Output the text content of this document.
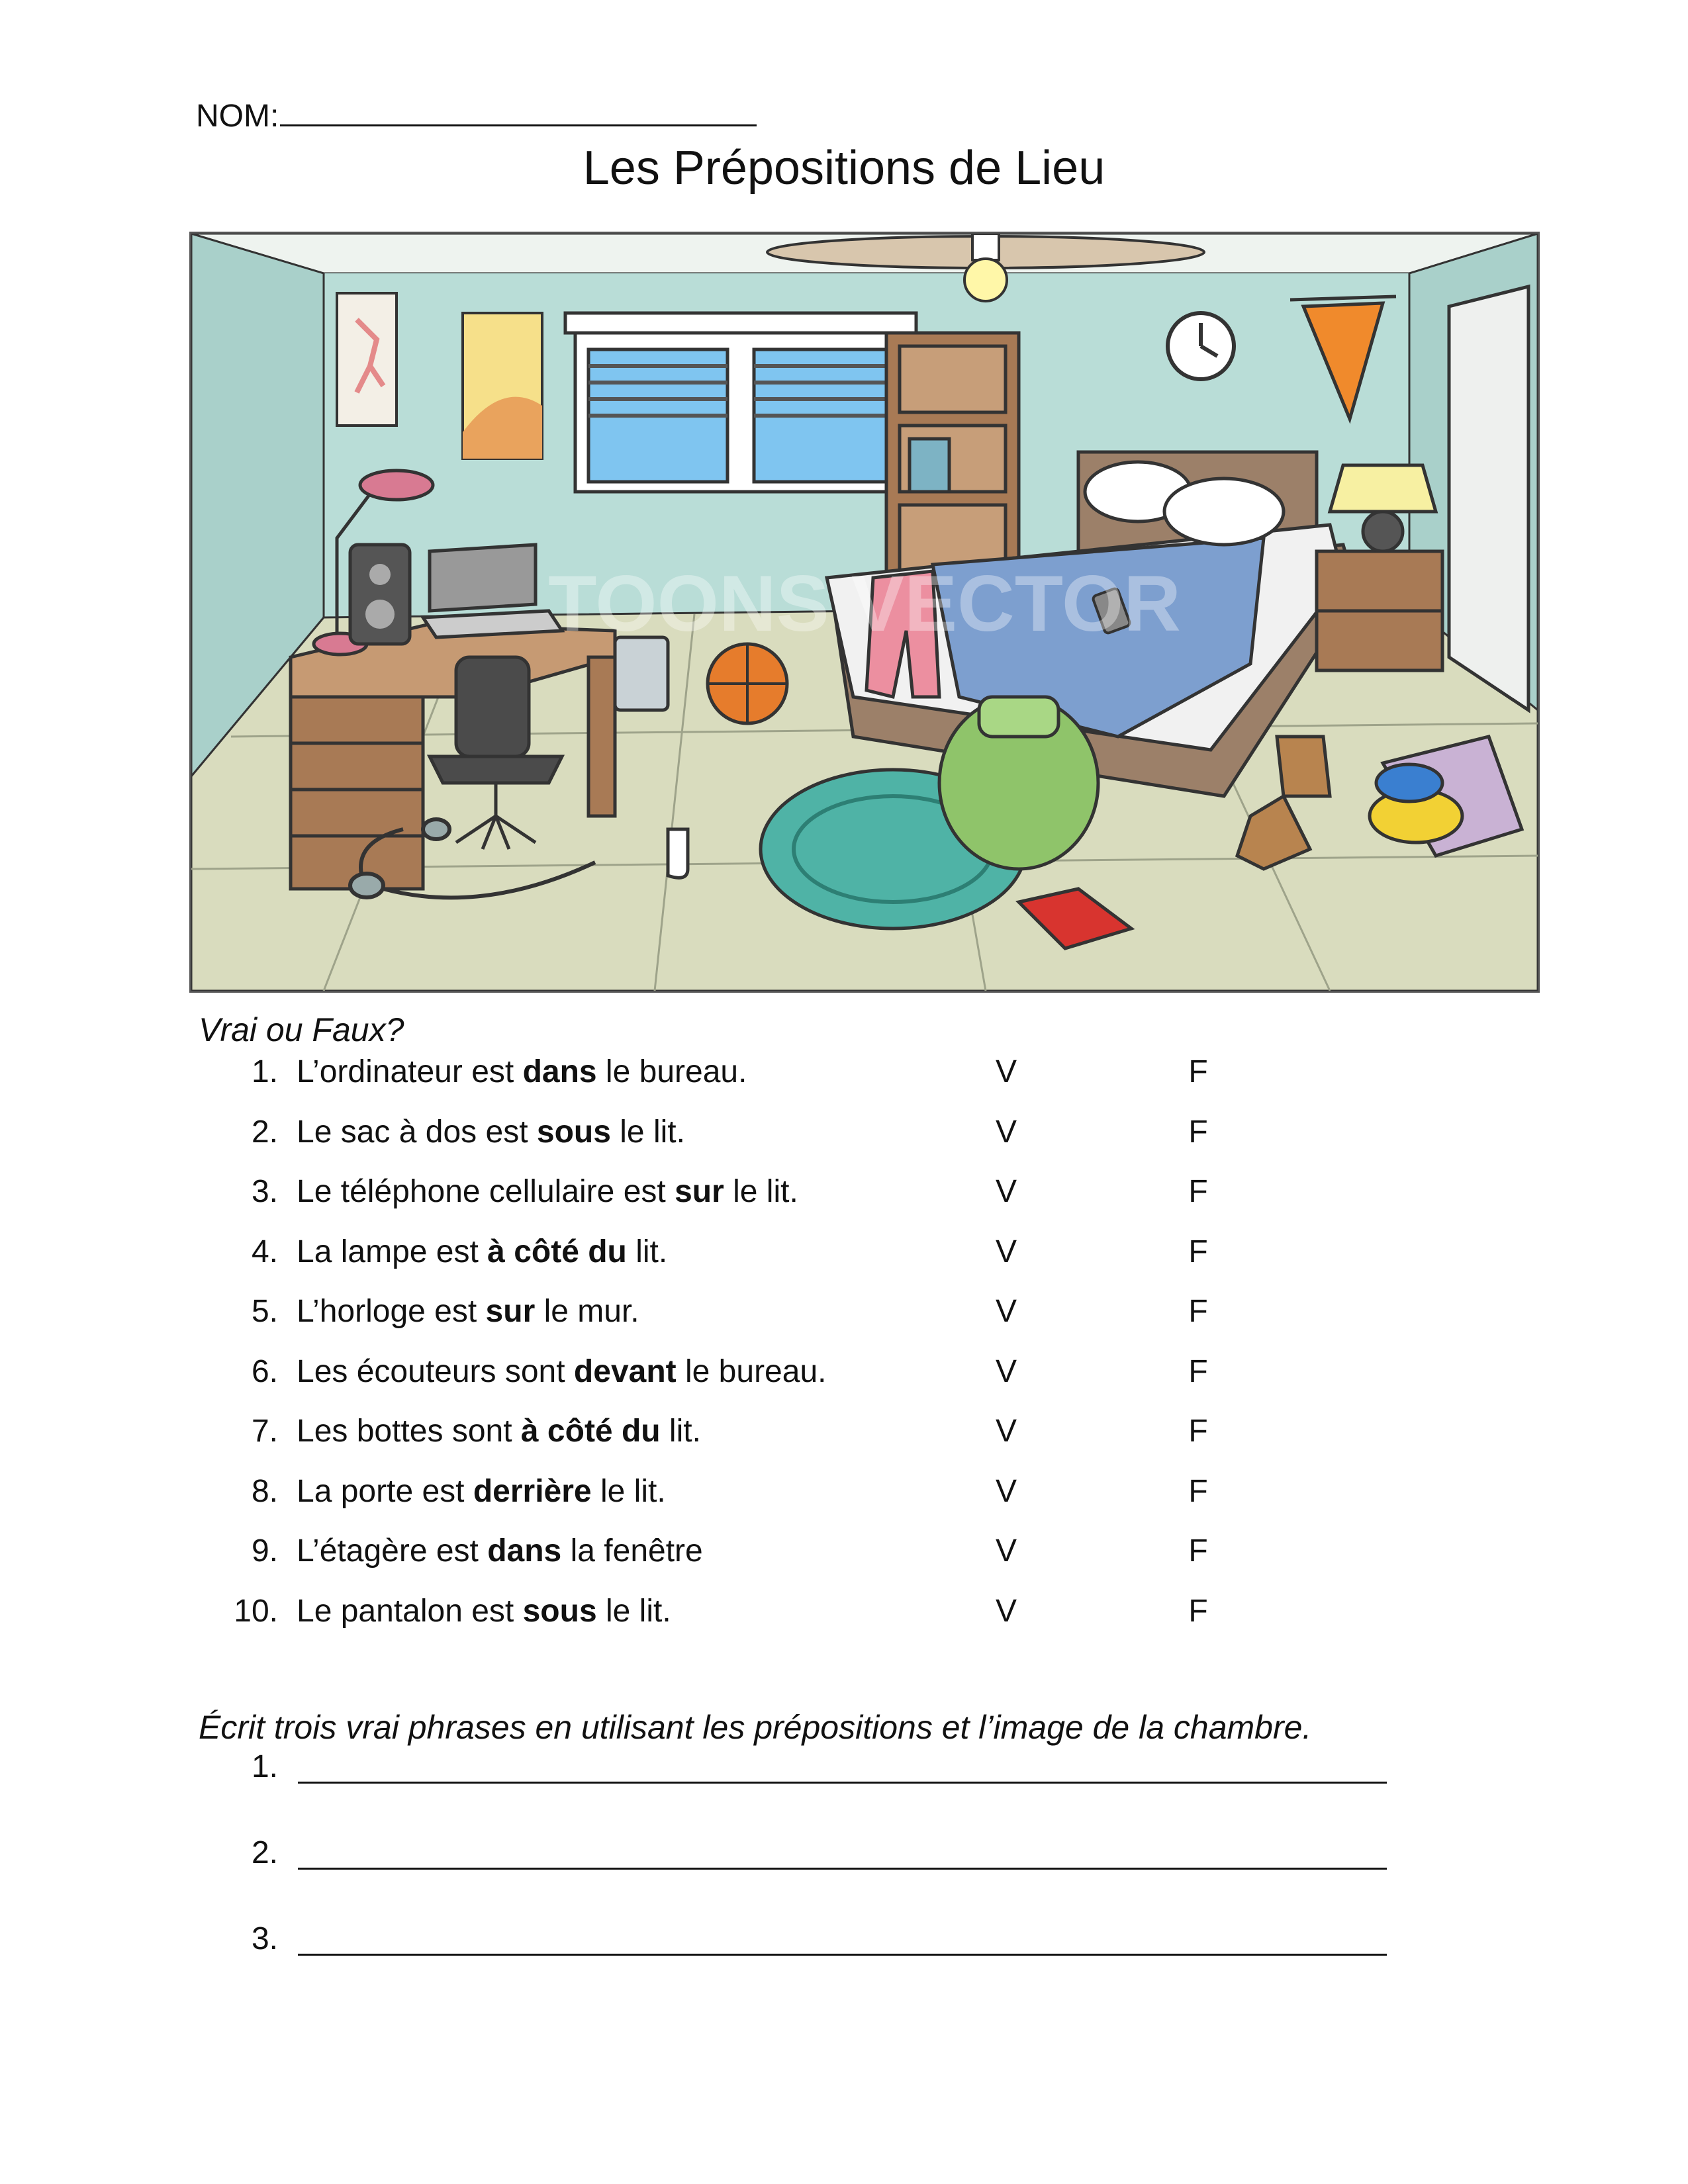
NOM:
Les Prépositions de Lieu
TOONS VECTOR
Vrai ou Faux?
1. L’ordinateur est dans le bureau.	V	F
2. Le sac à dos est sous le lit.	V	F
3. Le téléphone cellulaire est sur le lit.	V	F
4. La lampe est à côté du lit.	V	F
5. L’horloge est sur le mur.	V	F
6. Les écouteurs sont devant le bureau.	V	F
7. Les bottes sont à côté du lit.	V	F
8. La porte est derrière le lit.	V	F
9. L’étagère est dans la fenêtre	V	F
10. Le pantalon est sous le lit.	V	F
Écrit trois vrai phrases en utilisant les prépositions et l’image de la chambre.
1.
2.
3.
